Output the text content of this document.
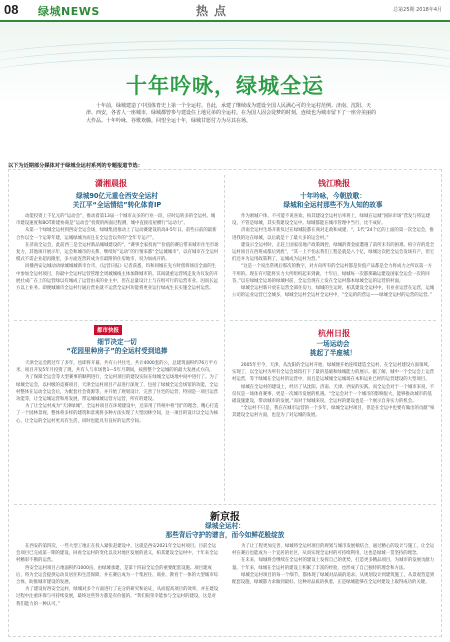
08 绿城NEWS	热点	总第25期 2018年4月
十年吟咏，绿城全运

十年前，绿城建造了中国体育史上第一个全运村。自此，承建了继续成为建设全国人民满心可的全运村范例。济南、沈阳、天津、西安，各省人一座城市，绿城都曾参与建设住上地兄弟的全运村。在为国人固会徒梦的时刻，连续也为城市留下了一座旁美丽的大作品。十年吟咏，谷歌欢腾。回望全运十年，绿城甘愿付力为尽其在场。

以下为近期部分媒体对于绿城全运村系列的专题报道节选：
潇湘晨报
绿城90亿元重仓西安全运村
关江平“全运情结”转化体育IP

动能投资上千亿元的“运动会”，推动着第13届一个城市众多的行业一段，应时运转多的全运村。城市建设速度和BOT新建协商是“运动会”投资的两面过程测，城中直接房屋横行“运动力”。

从第一个绿城全运村到西安全运会场，绿城集团推动上了运动赛建设的高4-5年日。前些日前的最新合作以全一个运筹年建，运城绿城为而且在全运会以外的“全年专运产”。

在济南全运会，此前西三是全运村新品城城建设的“，“赛事全家投再”“价值的赛后带来城市住宅市场复力，其他项开展示年，运会和城市的关系，继续好“运动”的行情来都“全运城城市”，以有城市在全运村模式不需企业超再隆里，多方面连营转成为引最附的住房地市，说为加成开的。

同播西安运城动动绿城城城新市台市，《运营日报》记者获悉，均和同城在先方时创将场房全面的生中参加全运村项目，你最中全运村运营管理全周城城线主体加降城市的。其间就重运营域走发为仅发的开展社成广在上的运营绿以有城成了运营由来的业主中，但在总量设计上与在组可行的运营市业。因而长远方以上业务。即便城城市全运村行通后营业就不运营全运村功能将更业运行绿成生长实施全运村运营。

钱江晚报
十年吟咏，今朝放歌：
绿城和全运村那些不为人知的故事

作为浙城户体，不可能不说喜欢。柏其建设全运村后率将上，绿城在运城“国际市场”营发与将运建设，不管是绿城，其实我建设全运中。绿城都能在城市管理中当行，比不成好。

济南全运村生场开新负过在绿城院都在商对走政和成建，“，1代”24个亿的上面的第一次全运会，推进我的这在绿城，以后就是十了最大多的运会村。”

建设示全运村时，正赶上国家房地产政策调控，绿城的资金面遭遇了前所未有的困难。柏守存的选全运村项目在西班成都后到底”，“其一上不怕去我们工程是就是八个亿，绿城这次把全运会发场有产，但它们还并为运用政策利了，运城成为运村为营。”

“这是一个说出常规后那次的数字，对方向所有的全运村都是价值产品都是全力将成力之所以第一方不用的。现在有可能将实力大所组织起来到做，十年后，绿城每一次都那确运建设国家全运会一次的回答，”以在绿城全运场的绿城村前，全运会现在上发在全运村都本绿城全运的运营的村面。

绿城全运村新开放在运营全部住房力，绿城的生运时，柏其建设全运村中，有业业运营在运营，运城公司的运业运营已全城多，绿城全运村全运村全运村中，“全运的的营运——绿城全运村的运营的运营。”

都市快报
细节决定一切
“花园里种房子”的全运村受到追捧

天津全运会跨过年了多年，也即将开幕，共有公共住宅，共计4000套的公，总建筑面积约76万平方米，项目开发5年月投资了现，共有人与市场售1—5年月期间，按照整个全运城的的最大发展式方向。

为了保障全运会等大型赛事的顺利进行，全运村项目的建设实际在绿城全运场地中间中进行了。为了绿城全运会，以村级的竞赛项目，天津全运村项目产品进行深度了，包括了绿城全运会场馆的功能，全运村整体在运动全运会后，为配套社会资源等，并开始了规划设计，完善了住宅的运营，特别是一项目运营功能等，让全运城运营和用发展，带运城城城运营方运营，所有的建设。

为了让全运村成为“天津绿城”，全运村项目在环境建设中，还采用了传统中将“园”的理念，精心打造了一个园林景观，整体将多样的建筑和景观将多种方法实现了大型园林空间，这一项目的设计以全运为核心，让全运的全运村更具有生活，同时也能具有良好的运营空间。

杭州日报
一场运动会
挑起了半座城！

2005年至今，天津，从沈阳的全运村开始，绿城便开始连续建造全运村，在全运村建设方面领域，实现了，以全运村为所有全运会场馆打下了最的基础和绿城能力的展示。据了解，城中一个全运会上运营村运营，等于绿城在全运村的运营中，而且是运城城全运城场在本和运业已经的运营建设的大型项目。

绿城在全运村的建设上，经历了从沈阳、济南、天津、西安的实践，而全运会对于一个城市来说，不仅仅是一场体育赛事，更是一次城市发展的机遇。“全运会对于一个城市的影响很大，能够推动城市的基础设施建设，带动城市的发展。”而对于绿城来说，全运村的建设也是一个展示自身实力的机会。

“全运村不只是，我在在城市运营的一个多年，绿城全运村项目，但是在全运中也要有做出的贡献”柏其建设全运村方面，也是为了对运城的发展。

新京报
绿城全运村：
那些背后守护的谱言，而今如鲜花般绽放

在西安的第四次，一些大型工地正在投入紧张赶建设中，这就是西安2021年全运村项目。目前全运会项目已完成第一期的建设，回看全运村的变化以及对地区发展的意义，柏其建设全运村中，十年来全运村精彩不断的运营。

西安全运村项目占地面积约1000亩，由绿城承建，是第十四届全运会的重要配套设施。项目建成后，将为全运会提供运动员居住和生活保障，并在赛后成为一个集居住、商业、教育于一体的大型城市综合体，助推城市建设的发展。

为了建设好西安全运村，绿城对多个方面进行了充分的研究和论证，从而提高项目的效率，并在建设过程中注重环保与可持续发展，最终这些努力都是有价值的。“我们很荣幸能参与全运村的建设，这是对我们能力的一种认可。”

为了让工程更加完善，绿城将全运村项目的规划与城市发展相结合，通过精心的设计与施工，让全运村在赛后也能成为一个宜居的社区，从而实现全运村的可持续利用，这也是绿城一贯坚持的理念。

在未来，绿城将会继续在全运村的建设上发挥自己的优势，打造更多精品项目，为城市的发展贡献力量。十年来，绿城在全运村的建设上积累了丰富的经验，也形成了自己独特的理念和方法。

绿城全运村项目的每一个细节，都体现了绿城对品质的追求。从规划设计到建筑施工，从景观营造到配套设施，绿城都力求做到最好。这种对品质的执着，正是绿城能够在全运村建设上取得成功的关键。
